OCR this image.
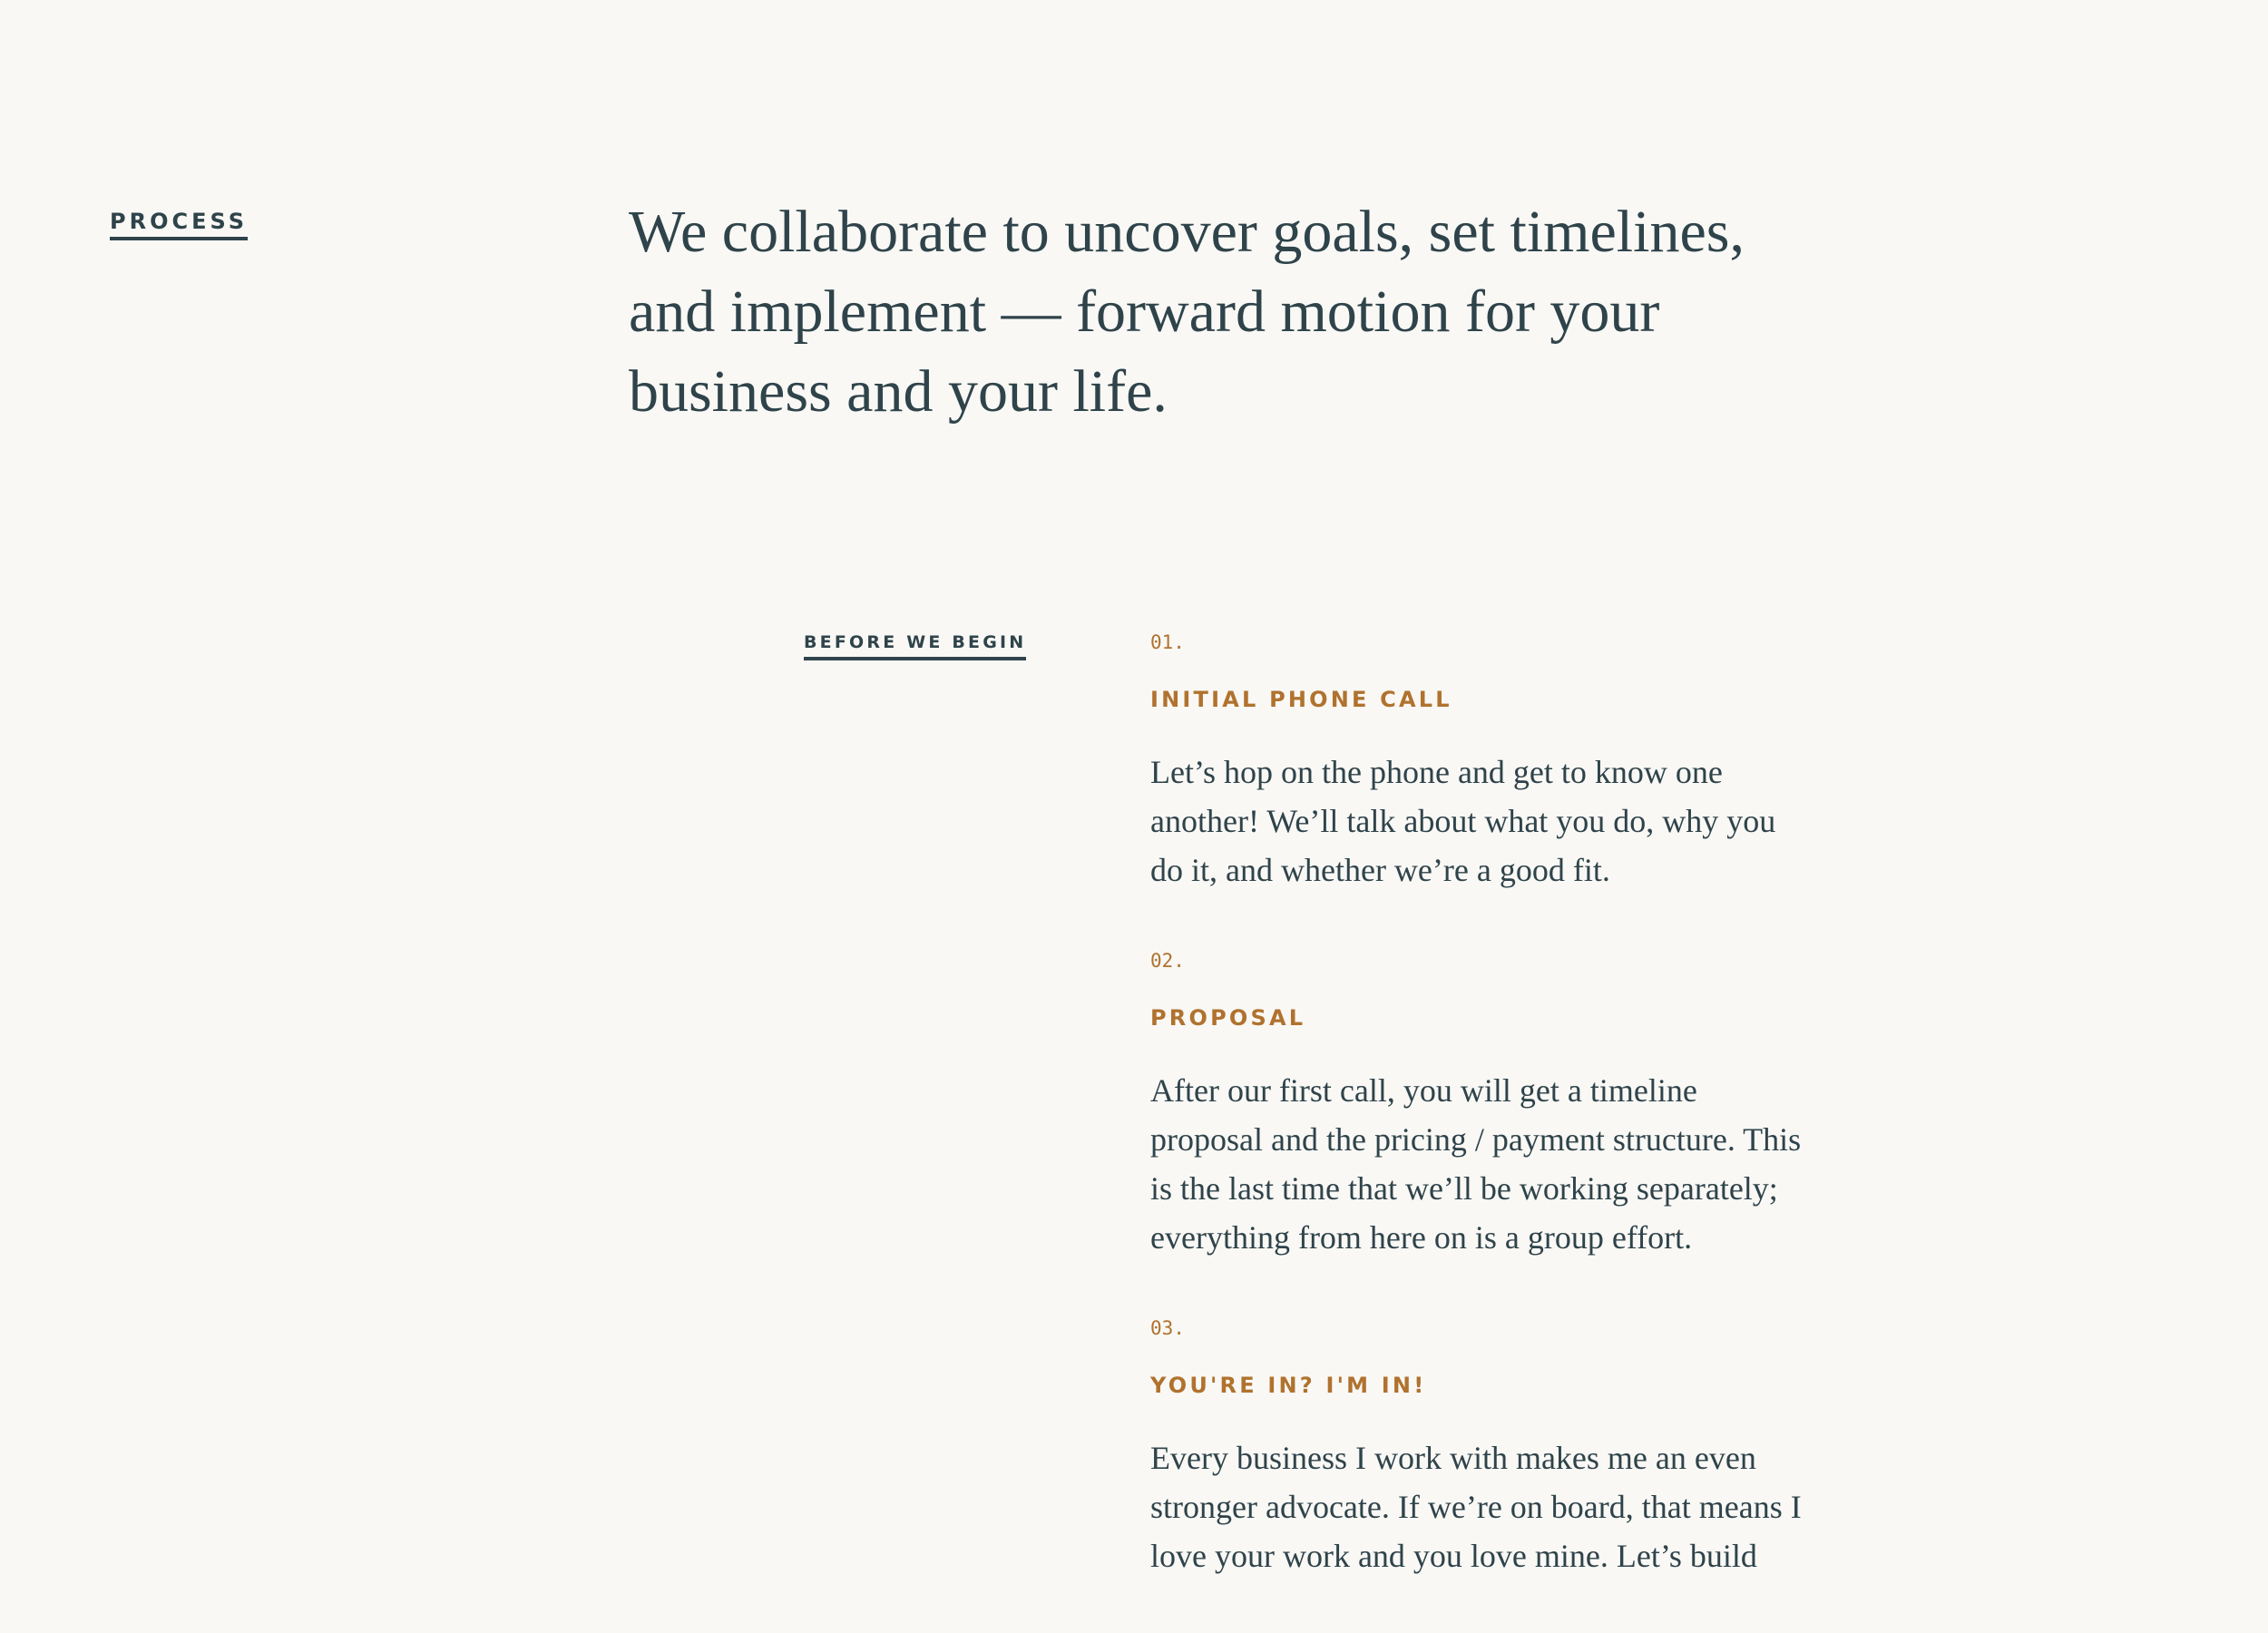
PROCESS	We collaborate to uncover goals, set timelines, and implement — forward motion for your business and your life.
BEFORE WE BEGIN	01.
INITIAL PHONE CALL

Let’s hop on the phone and get to know one another! We’ll talk about what you do, why you do it, and whether we’re a good fit.

02.
PROPOSAL

After our first call, you will get a timeline proposal and the pricing / payment structure. This is the last time that we’ll be working separately; everything from here on is a group effort.

03.
YOU'RE IN? I'M IN!

Every business I work with makes me an even stronger advocate. If we’re on board, that means I love your work and you love mine. Let’s build
